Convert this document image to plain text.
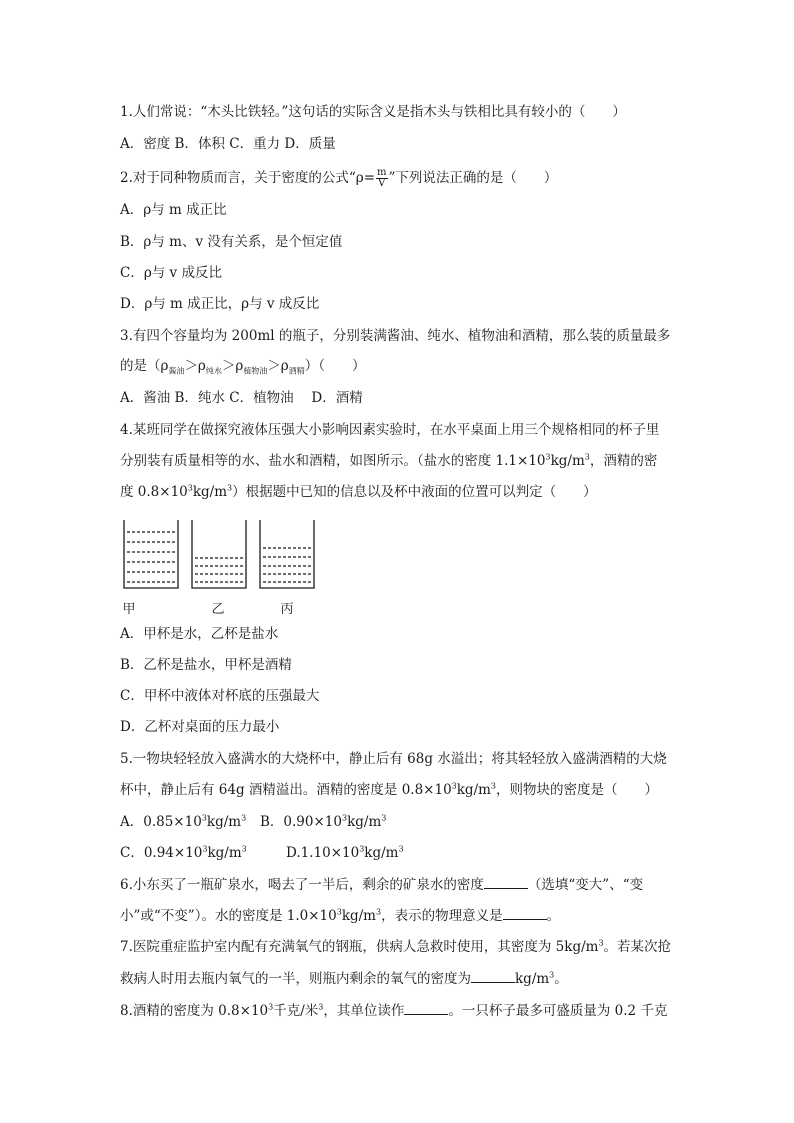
1.人们常说：“木头比铁轻。”这句话的实际含义是指木头与铁相比具有较小的（　　）
A．密度 B．体积 C．重力 D．质量
2.对于同种物质而言，关于密度的公式“$\rho= \frac{m}{V}$ ”下列说法正确的是（　　）
A．ρ与 m 成正比
B．ρ与 m、v 没有关系，是个恒定值
C．ρ与 v 成反比
D．ρ与 m 成正比，ρ与 v 成反比
3.有四个容量均为 200ml 的瓶子，分别装满酱油、纯水、植物油和酒精，那么装的质量最多
的是$(\rho_{酱油}>\rho_{纯水}>\rho_{植物油}>\rho_{酒精})$（　　）
A．酱油 B．纯水 C．植物油　 D．酒精
4.某班同学在做探究液体压强大小影响因素实验时，在水平桌面上用三个规格相同的杯子里
分别装有质量相等的水、盐水和酒精，如图所示。（盐水的密度 $1.1\times 10^3kg/m^3$，酒精的密
度 $0.8\times 10^3kg/m^3$）根据题中已知的信息以及杯中液面的位置可以判定（　　）
甲	乙	丙
A．甲杯是水，乙杯是盐水
B．乙杯是盐水，甲杯是酒精
C．甲杯中液体对杯底的压强最大
D．乙杯对桌面的压力最小
5.一物块轻轻放入盛满水的大烧杯中，静止后有 68g 水溢出；将其轻轻放入盛满酒精的大烧
杯中，静止后有 64g 酒精溢出。酒精的密度是 $0.8\times 10^3kg/m^3$，则物块的密度是（　　）
A．$0.85\times 10^3kg/m^3$ B．$0.90\times 10^3kg/m^3$
C．$0.94\times 10^3kg/m^3$	$D.1.10\times 10^3kg/m^3$
6.小东买了一瓶矿泉水，喝去了一半后，剩余的矿泉水的密度	（选填“变大”、“变
小”或“不变”）。水的密度是 $1.0\times 10^3kg/m^3$，表示的物理意义是	。
7.医院重症监护室内配有充满氧气的钢瓶，供病人急救时使用，其密度为 $5kg/m^3$。若某次抢
救病人时用去瓶内氧气的一半，则瓶内剩余的氧气的密度为	$kg/m^3$。
8.酒精的密度为 $0.8\times 10^3$千克/米$^3$，其单位读作	。一只杯子最多可盛质量为 0.2 千克
